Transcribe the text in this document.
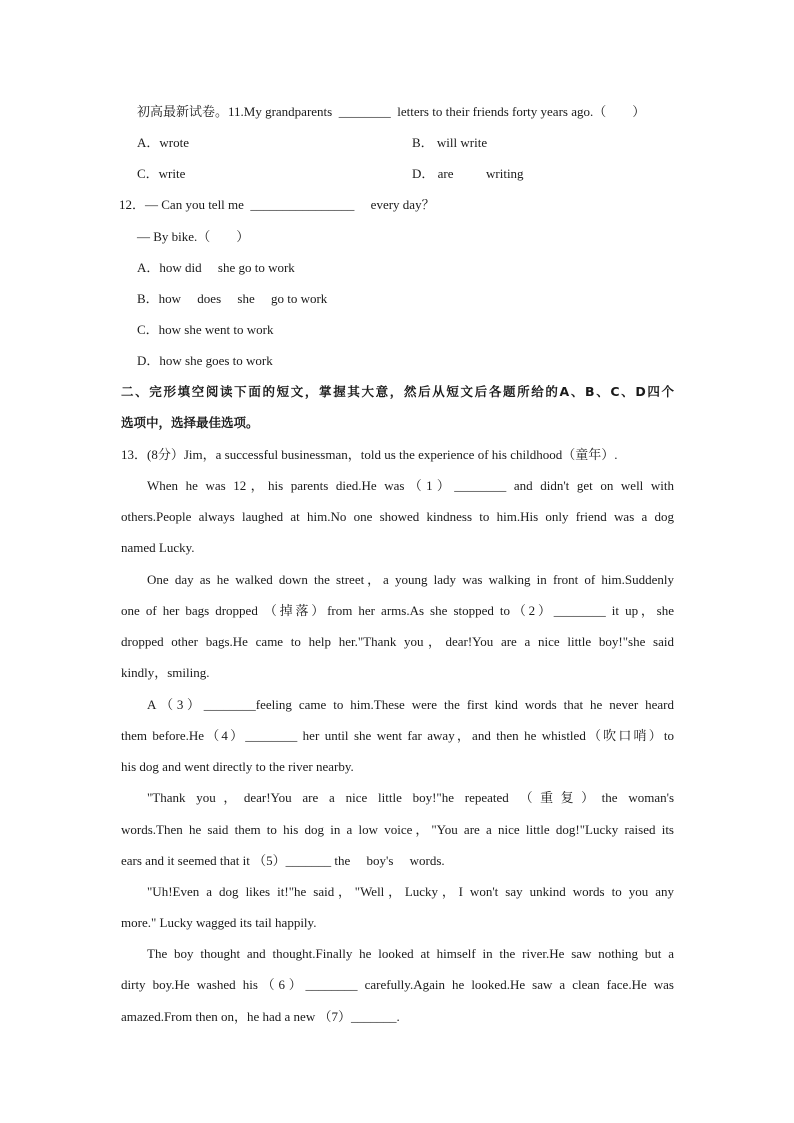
初高最新试卷。11.My grandparents  ________  letters to their friends forty years ago.（        ）
A．wrote	B． will write
C．write	D． are          writing
12．— Can you tell me  ________________     every day？
— By bike.（        ）
A．how did     she go to work
B．how     does     she     go to work
C．how she went to work
D．how she goes to work
二、完形填空阅读下面的短文，掌握其大意，然后从短文后各题所给的A、B、C、D四个
选项中，选择最佳选项。
13．(8分）Jim，a successful businessman，told us the experience of his childhood（童年）.
When he was 12，his parents died.He was（1）________ and didn't get on well with
others.People always laughed at him.No one showed kindness to him.His only friend was a dog
named Lucky.
One day as he walked down the street，a young lady was walking in front of him.Suddenly
one of her bags dropped （掉落）from her arms.As she stopped to（2）________ it up，she
dropped other bags.He came to help her."Thank you，dear!You are a nice little boy!"she said
kindly，smiling.
A（3）________feeling came to him.These were the first kind words that he never heard
them before.He（4）________ her until she went far away，and then he whistled（吹口哨）to
his dog and went directly to the river nearby.
"Thank you，dear!You are a nice little boy!"he repeated （重复）the woman's
words.Then he said them to his dog in a low voice，"You are a nice little dog!"Lucky raised its
ears and it seemed that it （5）_______ the     boy's     words.
"Uh!Even a dog likes it!"he said，"Well，Lucky，I won't say unkind words to you any
more." Lucky wagged its tail happily.
The boy thought and thought.Finally he looked at himself in the river.He saw nothing but a
dirty boy.He washed his（6）________ carefully.Again he looked.He saw a clean face.He was
amazed.From then on，he had a new （7）_______.
